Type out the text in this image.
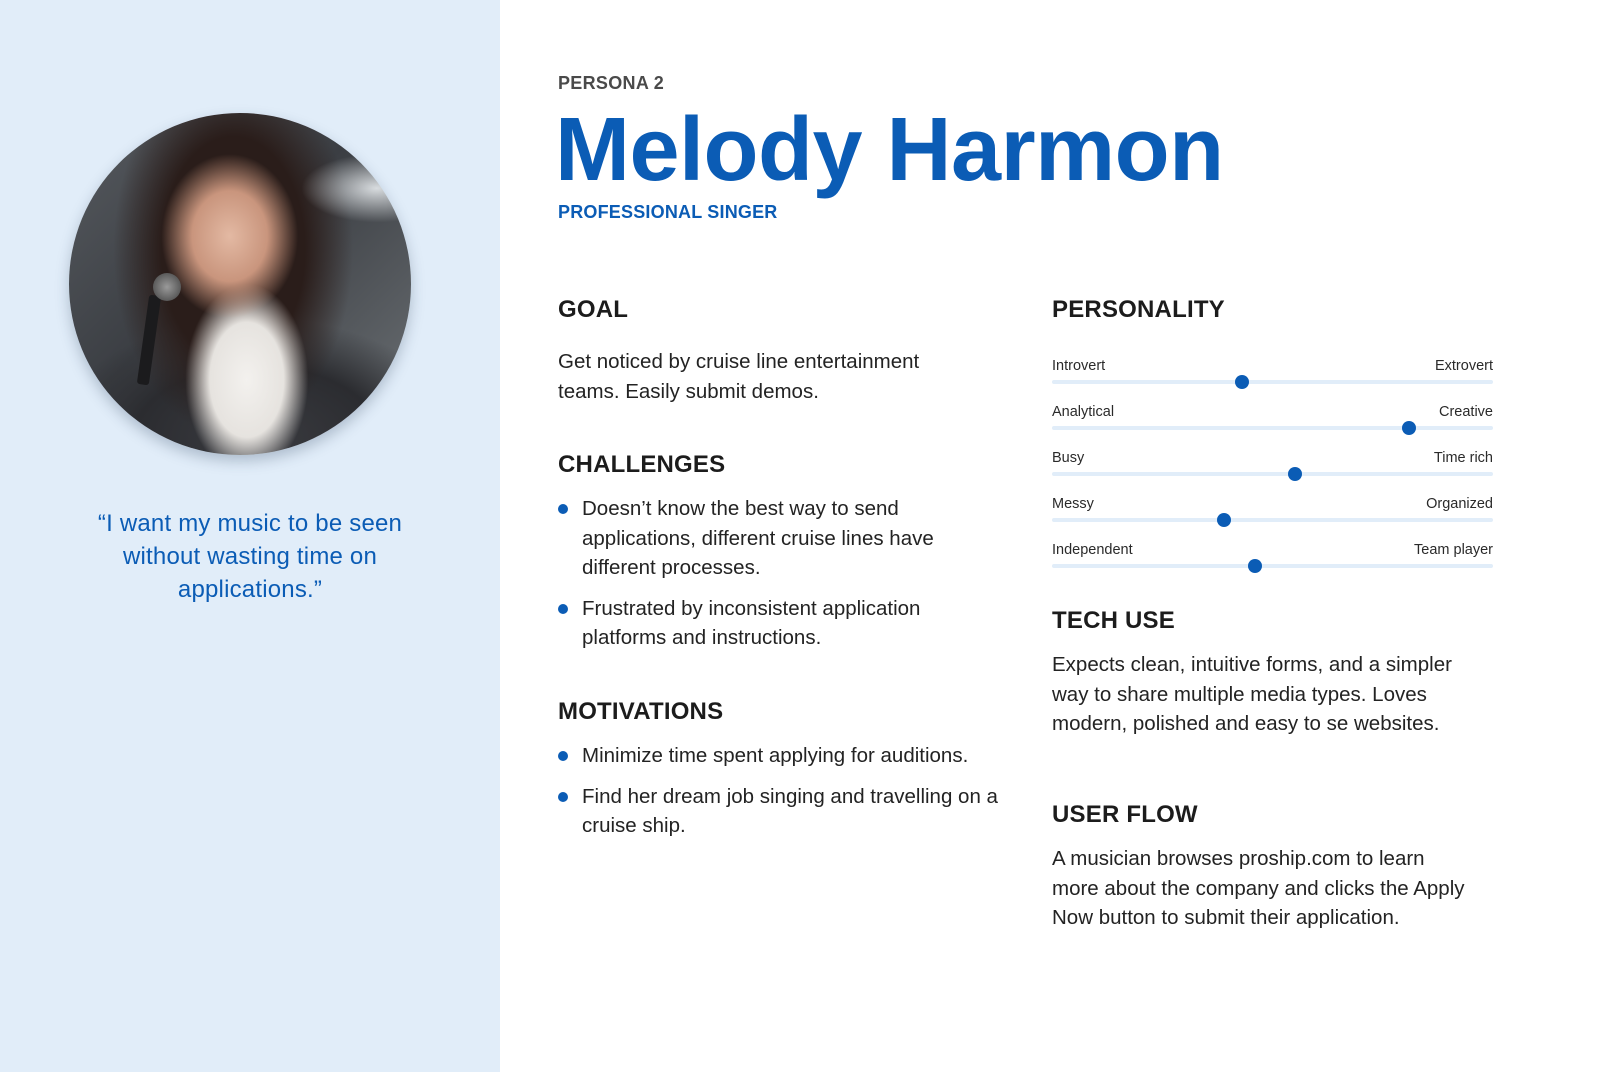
“I want my music to be seen without wasting time on applications.”

PERSONA 2
Melody Harmon
PROFESSIONAL SINGER
GOAL

Get noticed by cruise line entertainment teams. Easily submit demos.

CHALLENGES
Doesn’t know the best way to send applications, different cruise lines have different processes.
Frustrated by inconsistent application platforms and instructions.
MOTIVATIONS
Minimize time spent applying for auditions.
Find her dream job singing and travelling on a cruise ship.
PERSONALITY
Introvert	Extrovert
Analytical	Creative
Busy	Time rich
Messy	Organized
Independent	Team player
TECH USE

Expects clean, intuitive forms, and a simpler way to share multiple media types. Loves modern, polished and easy to se websites.

USER FLOW

A musician browses proship.com to learn more about the company and clicks the Apply Now button to submit their application.
